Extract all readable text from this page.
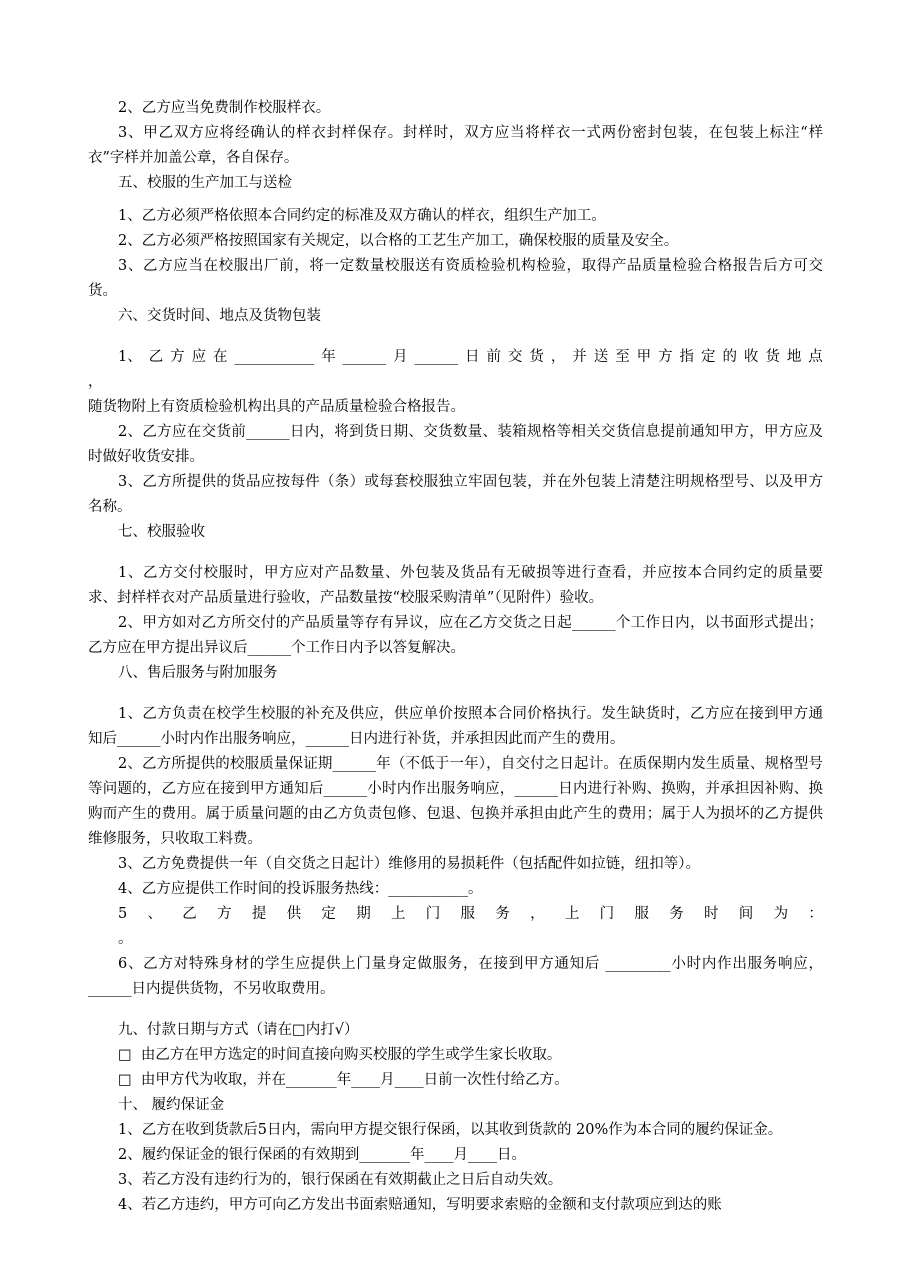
2、乙方应当免费制作校服样衣。

3、甲乙双方应将经确认的样衣封样保存。封样时，双方应当将样衣一式两份密封包装，在包装上标注“样衣”字样并加盖公章，各自保存。

五、校服的生产加工与送检

1、乙方必须严格依照本合同约定的标准及双方确认的样衣，组织生产加工。

2、乙方必须严格按照国家有关规定，以合格的工艺生产加工，确保校服的质量及安全。

3、乙方应当在校服出厂前，将一定数量校服送有资质检验机构检验，取得产品质量检验合格报告后方可交货。

六、交货时间、地点及货物包装

1、 乙 方 应 在 ___________ 年 ______ 月 ______ 日 前 交 货 ， 并 送 至 甲 方 指 定 的 收 货 地 点

，

随货物附上有资质检验机构出具的产品质量检验合格报告。

2、乙方应在交货前______日内，将到货日期、交货数量、装箱规格等相关交货信息提前通知甲方，甲方应及时做好收货安排。

3、乙方所提供的货品应按每件（条）或每套校服独立牢固包装，并在外包装上清楚注明规格型号、以及甲方名称。

七、校服验收

1、乙方交付校服时，甲方应对产品数量、外包装及货品有无破损等进行查看，并应按本合同约定的质量要求、封样样衣对产品质量进行验收，产品数量按“校服采购清单”（见附件）验收。

2、甲方如对乙方所交付的产品质量等存有异议，应在乙方交货之日起______个工作日内，以书面形式提出；乙方应在甲方提出异议后______个工作日内予以答复解决。

八、售后服务与附加服务

1、乙方负责在校学生校服的补充及供应，供应单价按照本合同价格执行。发生缺货时，乙方应在接到甲方通知后______小时内作出服务响应，______日内进行补货，并承担因此而产生的费用。

2、乙方所提供的校服质量保证期______年（不低于一年），自交付之日起计。在质保期内发生质量、规格型号等问题的，乙方应在接到甲方通知后______小时内作出服务响应，______日内进行补购、换购，并承担因补购、换购而产生的费用。属于质量问题的由乙方负责包修、包退、包换并承担由此产生的费用；属于人为损坏的乙方提供维修服务，只收取工料费。

3、乙方免费提供一年（自交货之日起计）维修用的易损耗件（包括配件如拉链，纽扣等）。

4、乙方应提供工作时间的投诉服务热线：___________。

5 、 乙 方 提 供 定 期 上 门 服 务 ， 上 门 服 务 时 间 为 ：

。

6、乙方对特殊身材的学生应提供上门量身定做服务，在接到甲方通知后 _________小时内作出服务响应，______日内提供货物，不另收取费用。

九、付款日期与方式（请在□内打√）

□  由乙方在甲方选定的时间直接向购买校服的学生或学生家长收取。

□  由甲方代为收取，并在_______年____月____日前一次性付给乙方。

十、 履约保证金

1、乙方在收到货款后5日内，需向甲方提交银行保函，以其收到货款的 20%作为本合同的履约保证金。

2、履约保证金的银行保函的有效期到_______年____月____日。

3、若乙方没有违约行为的，银行保函在有效期截止之日后自动失效。

4、若乙方违约，甲方可向乙方发出书面索赔通知，写明要求索赔的金额和支付款项应到达的账
